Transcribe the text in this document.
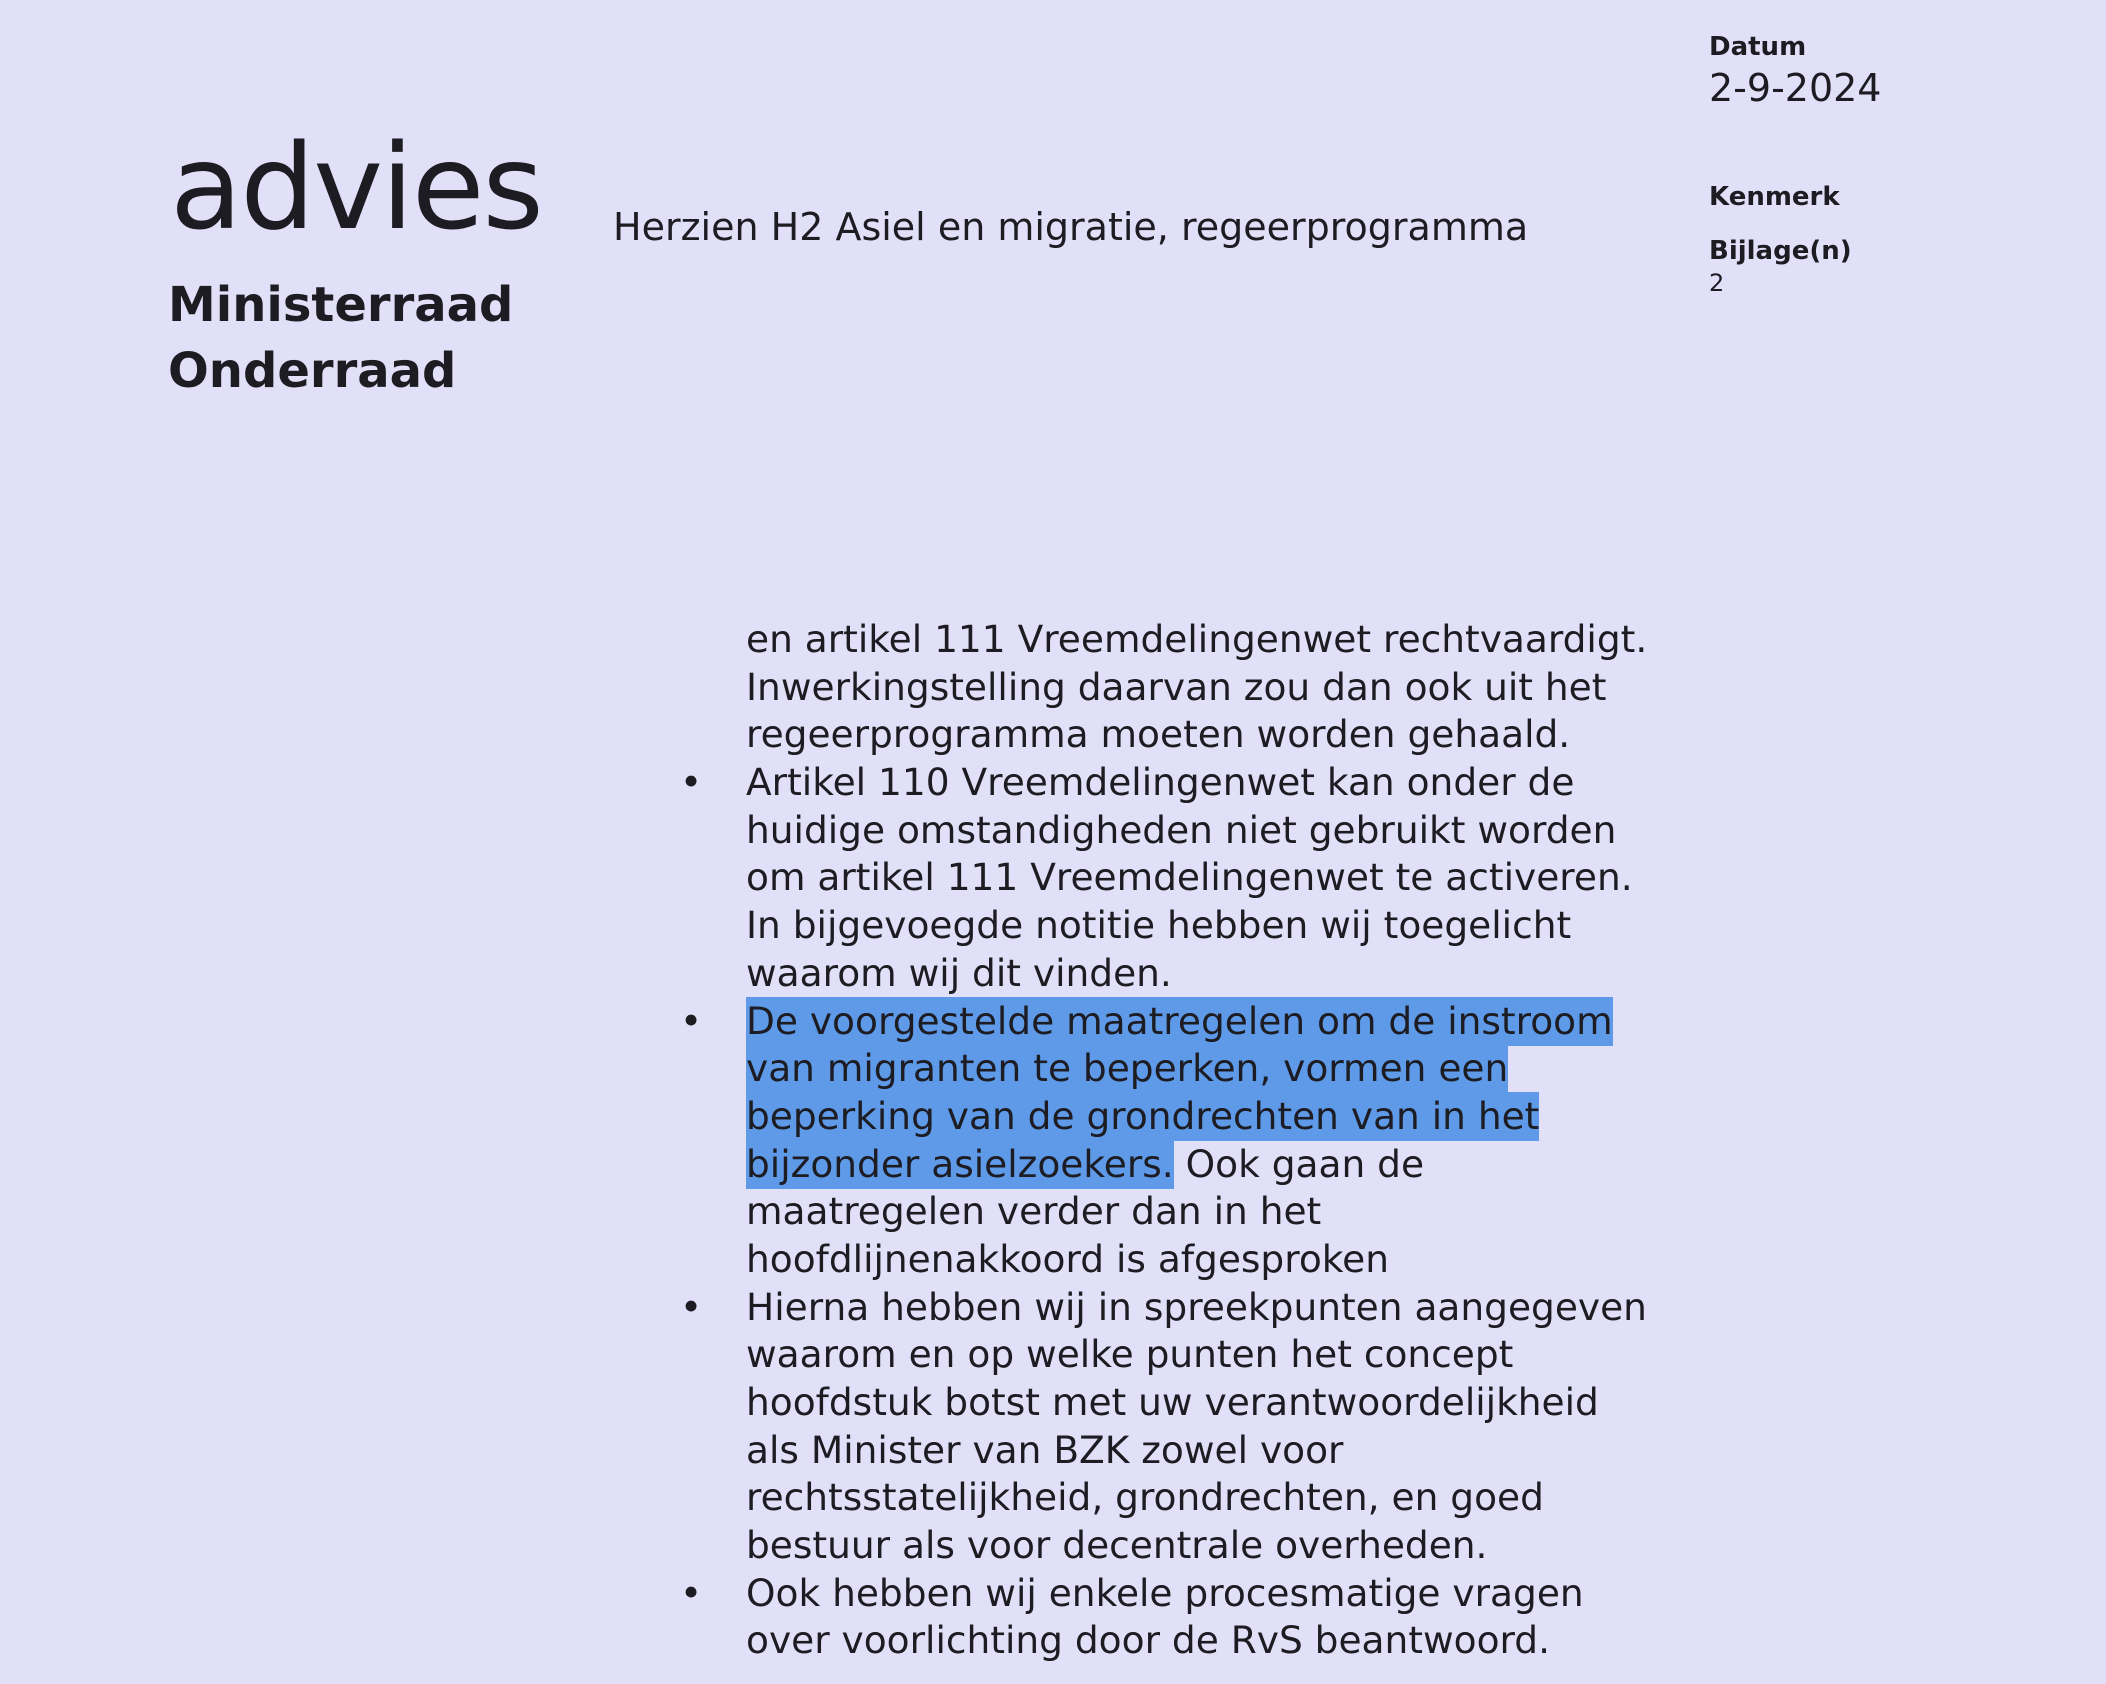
advies
Ministerraad
Onderraad
Herzien H2 Asiel en migratie, regeerprogramma
Datum
2-9-2024
Kenmerk
Bijlage(n)
2
en artikel 111 Vreemdelingenwet rechtvaardigt.
Inwerkingstelling daarvan zou dan ook uit het
regeerprogramma moeten worden gehaald.
• Artikel 110 Vreemdelingenwet kan onder de
huidige omstandigheden niet gebruikt worden
om artikel 111 Vreemdelingenwet te activeren.
In bijgevoegde notitie hebben wij toegelicht
waarom wij dit vinden.
• De voorgestelde maatregelen om de instroom
van migranten te beperken, vormen een
beperking van de grondrechten van in het
bijzonder asielzoekers. Ook gaan de
maatregelen verder dan in het
hoofdlijnenakkoord is afgesproken
• Hierna hebben wij in spreekpunten aangegeven
waarom en op welke punten het concept
hoofdstuk botst met uw verantwoordelijkheid
als Minister van BZK zowel voor
rechtsstatelijkheid, grondrechten, en goed
bestuur als voor decentrale overheden.
• Ook hebben wij enkele procesmatige vragen
over voorlichting door de RvS beantwoord.
